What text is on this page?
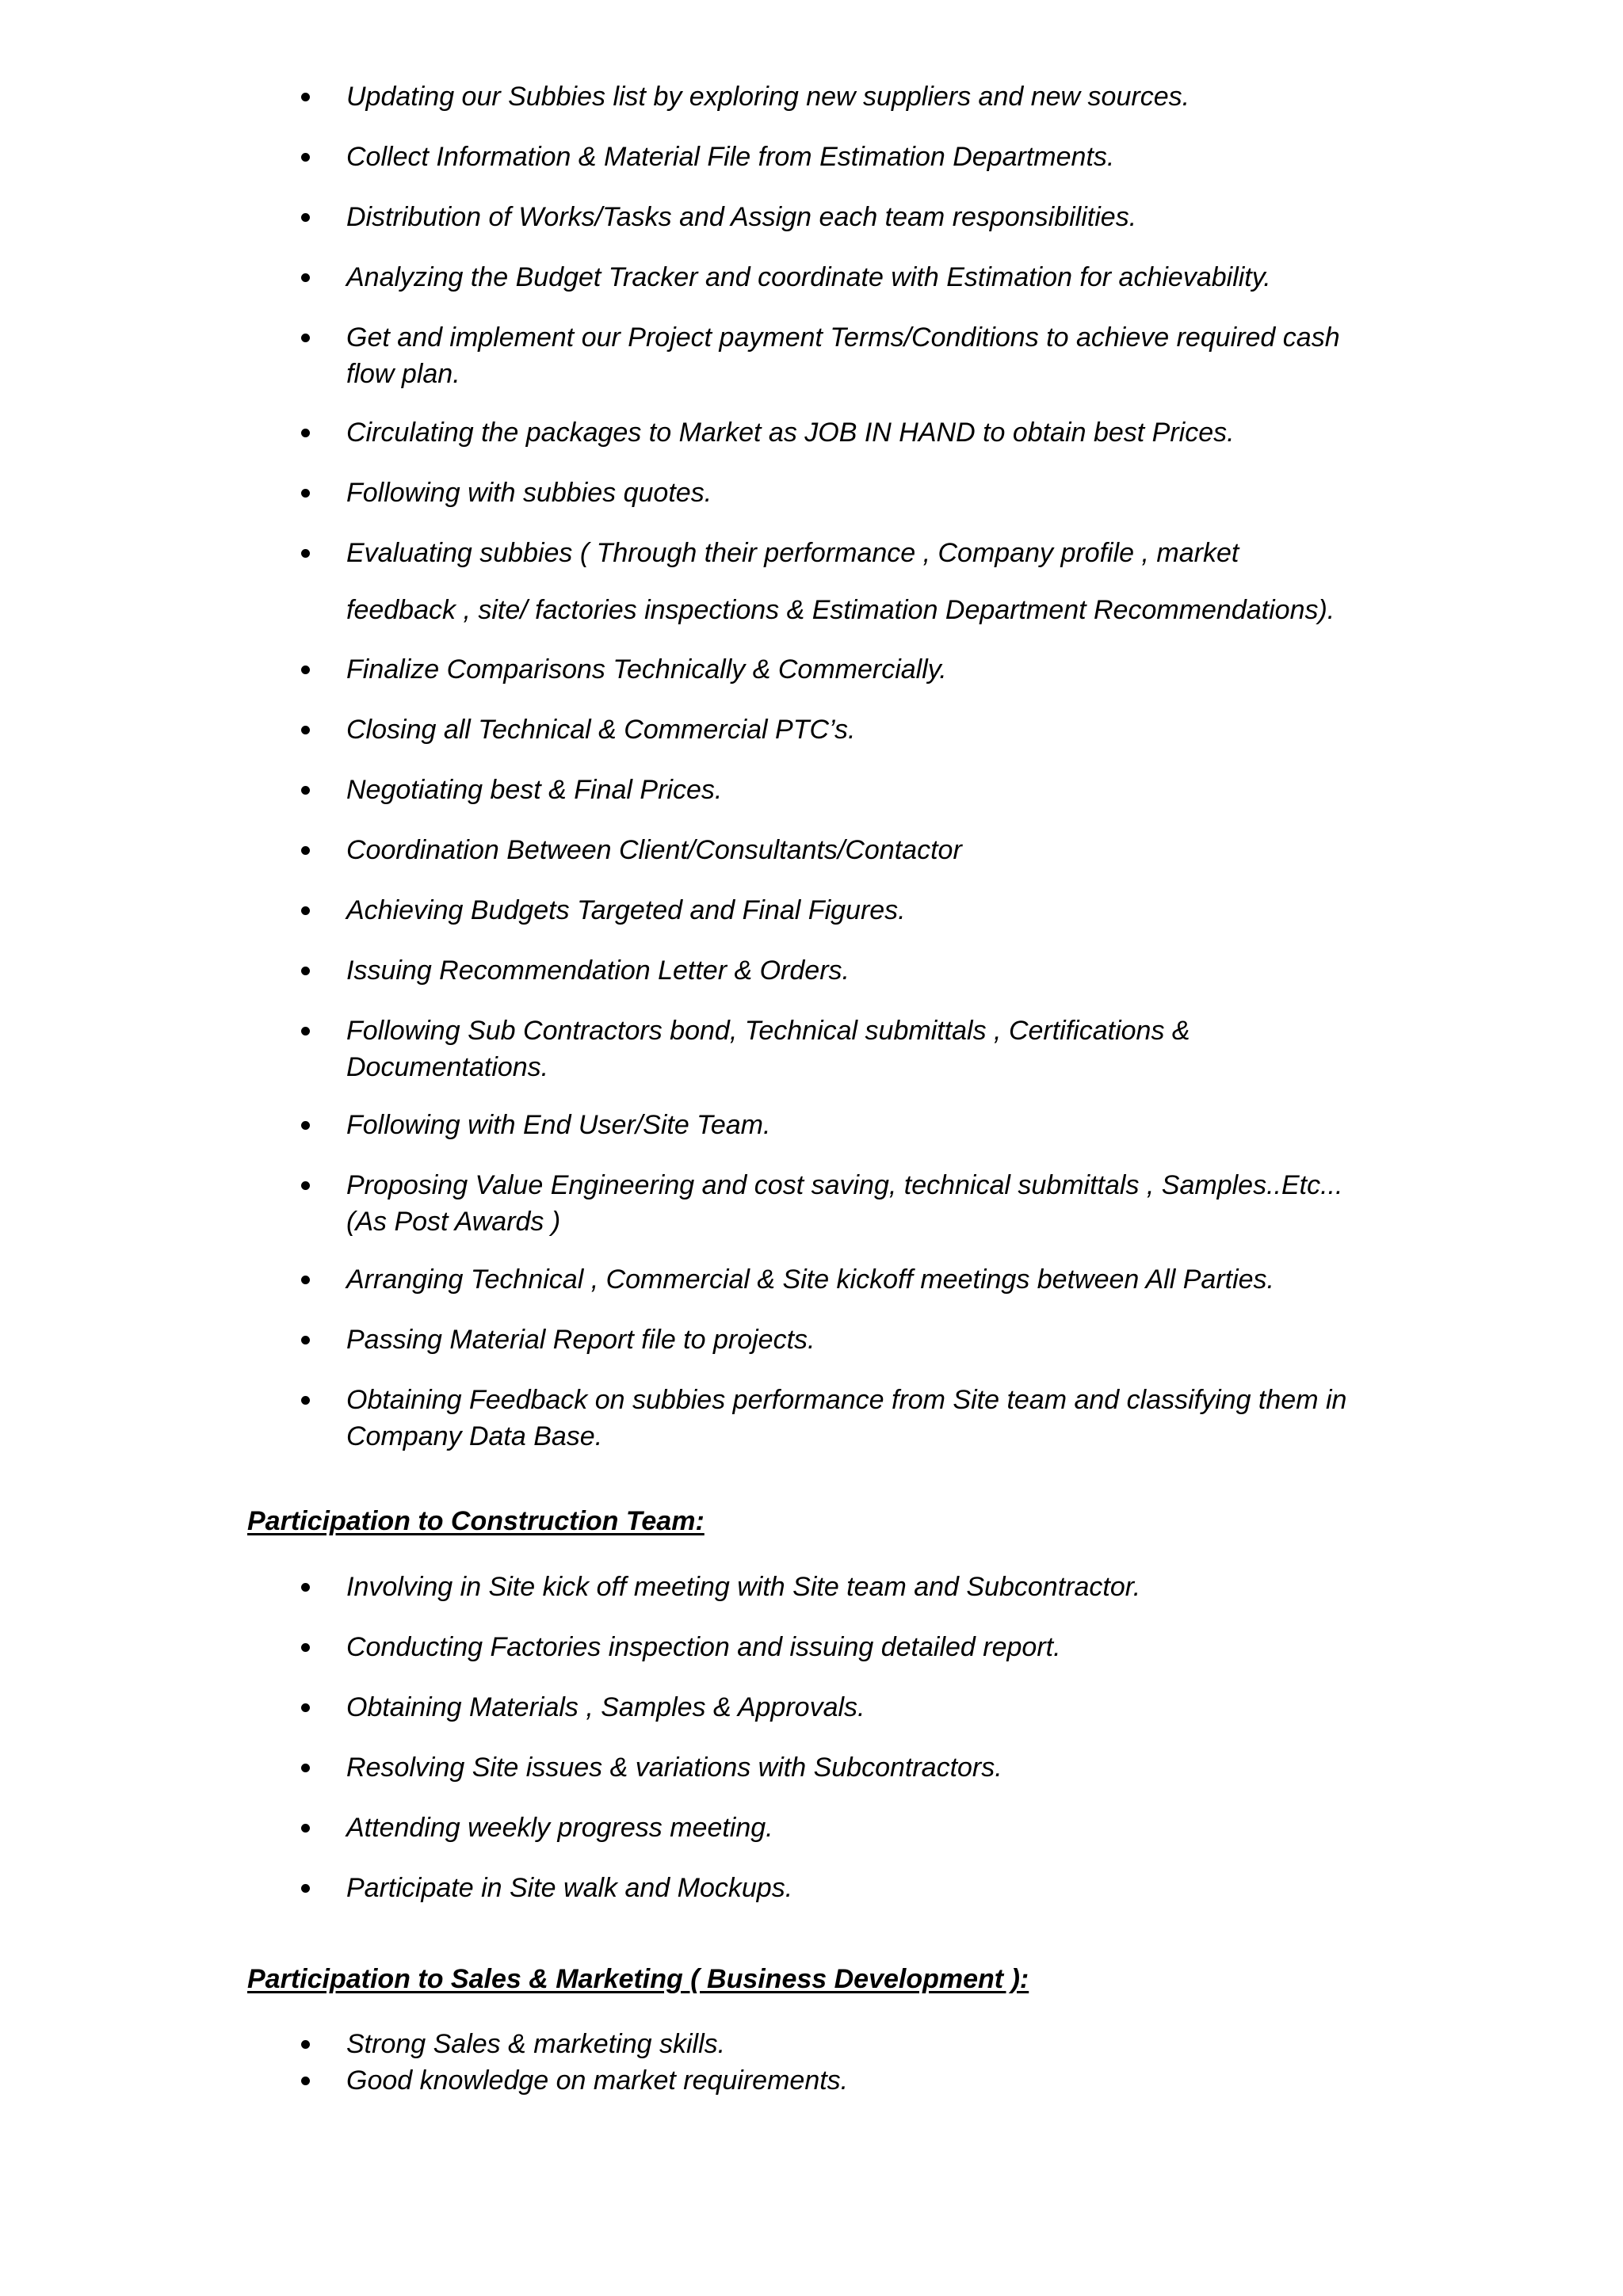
Updating our Subbies list by exploring new suppliers and new sources.
Collect Information & Material File from Estimation Departments.
Distribution of Works/Tasks and Assign each team responsibilities.
Analyzing the Budget Tracker and coordinate with Estimation for achievability.
Get and implement our Project payment Terms/Conditions to achieve required cash
flow plan.
Circulating the packages to Market as JOB IN HAND to obtain best Prices.
Following with subbies quotes.
Evaluating subbies ( Through their performance , Company profile , market
feedback , site/ factories inspections & Estimation Department Recommendations).
Finalize Comparisons Technically & Commercially.
Closing all Technical & Commercial PTC’s.
Negotiating best & Final Prices.
Coordination Between Client/Consultants/Contactor
Achieving Budgets Targeted and Final Figures.
Issuing Recommendation Letter & Orders.
Following Sub Contractors bond, Technical submittals , Certifications &
Documentations.
Following with End User/Site Team.
Proposing Value Engineering and cost saving, technical submittals , Samples..Etc...
(As Post Awards )
Arranging Technical , Commercial & Site kickoff meetings between All Parties.
Passing Material Report file to projects.
Obtaining Feedback on subbies performance from Site team and classifying them in
Company Data Base.
Participation to Construction Team:
Involving in Site kick off meeting with Site team and Subcontractor.
Conducting Factories inspection and issuing detailed report.
Obtaining Materials , Samples & Approvals.
Resolving Site issues & variations with Subcontractors.
Attending weekly progress meeting.
Participate in Site walk and Mockups.
Participation to Sales & Marketing ( Business Development ):
Strong Sales & marketing skills.
Good knowledge on market requirements.
